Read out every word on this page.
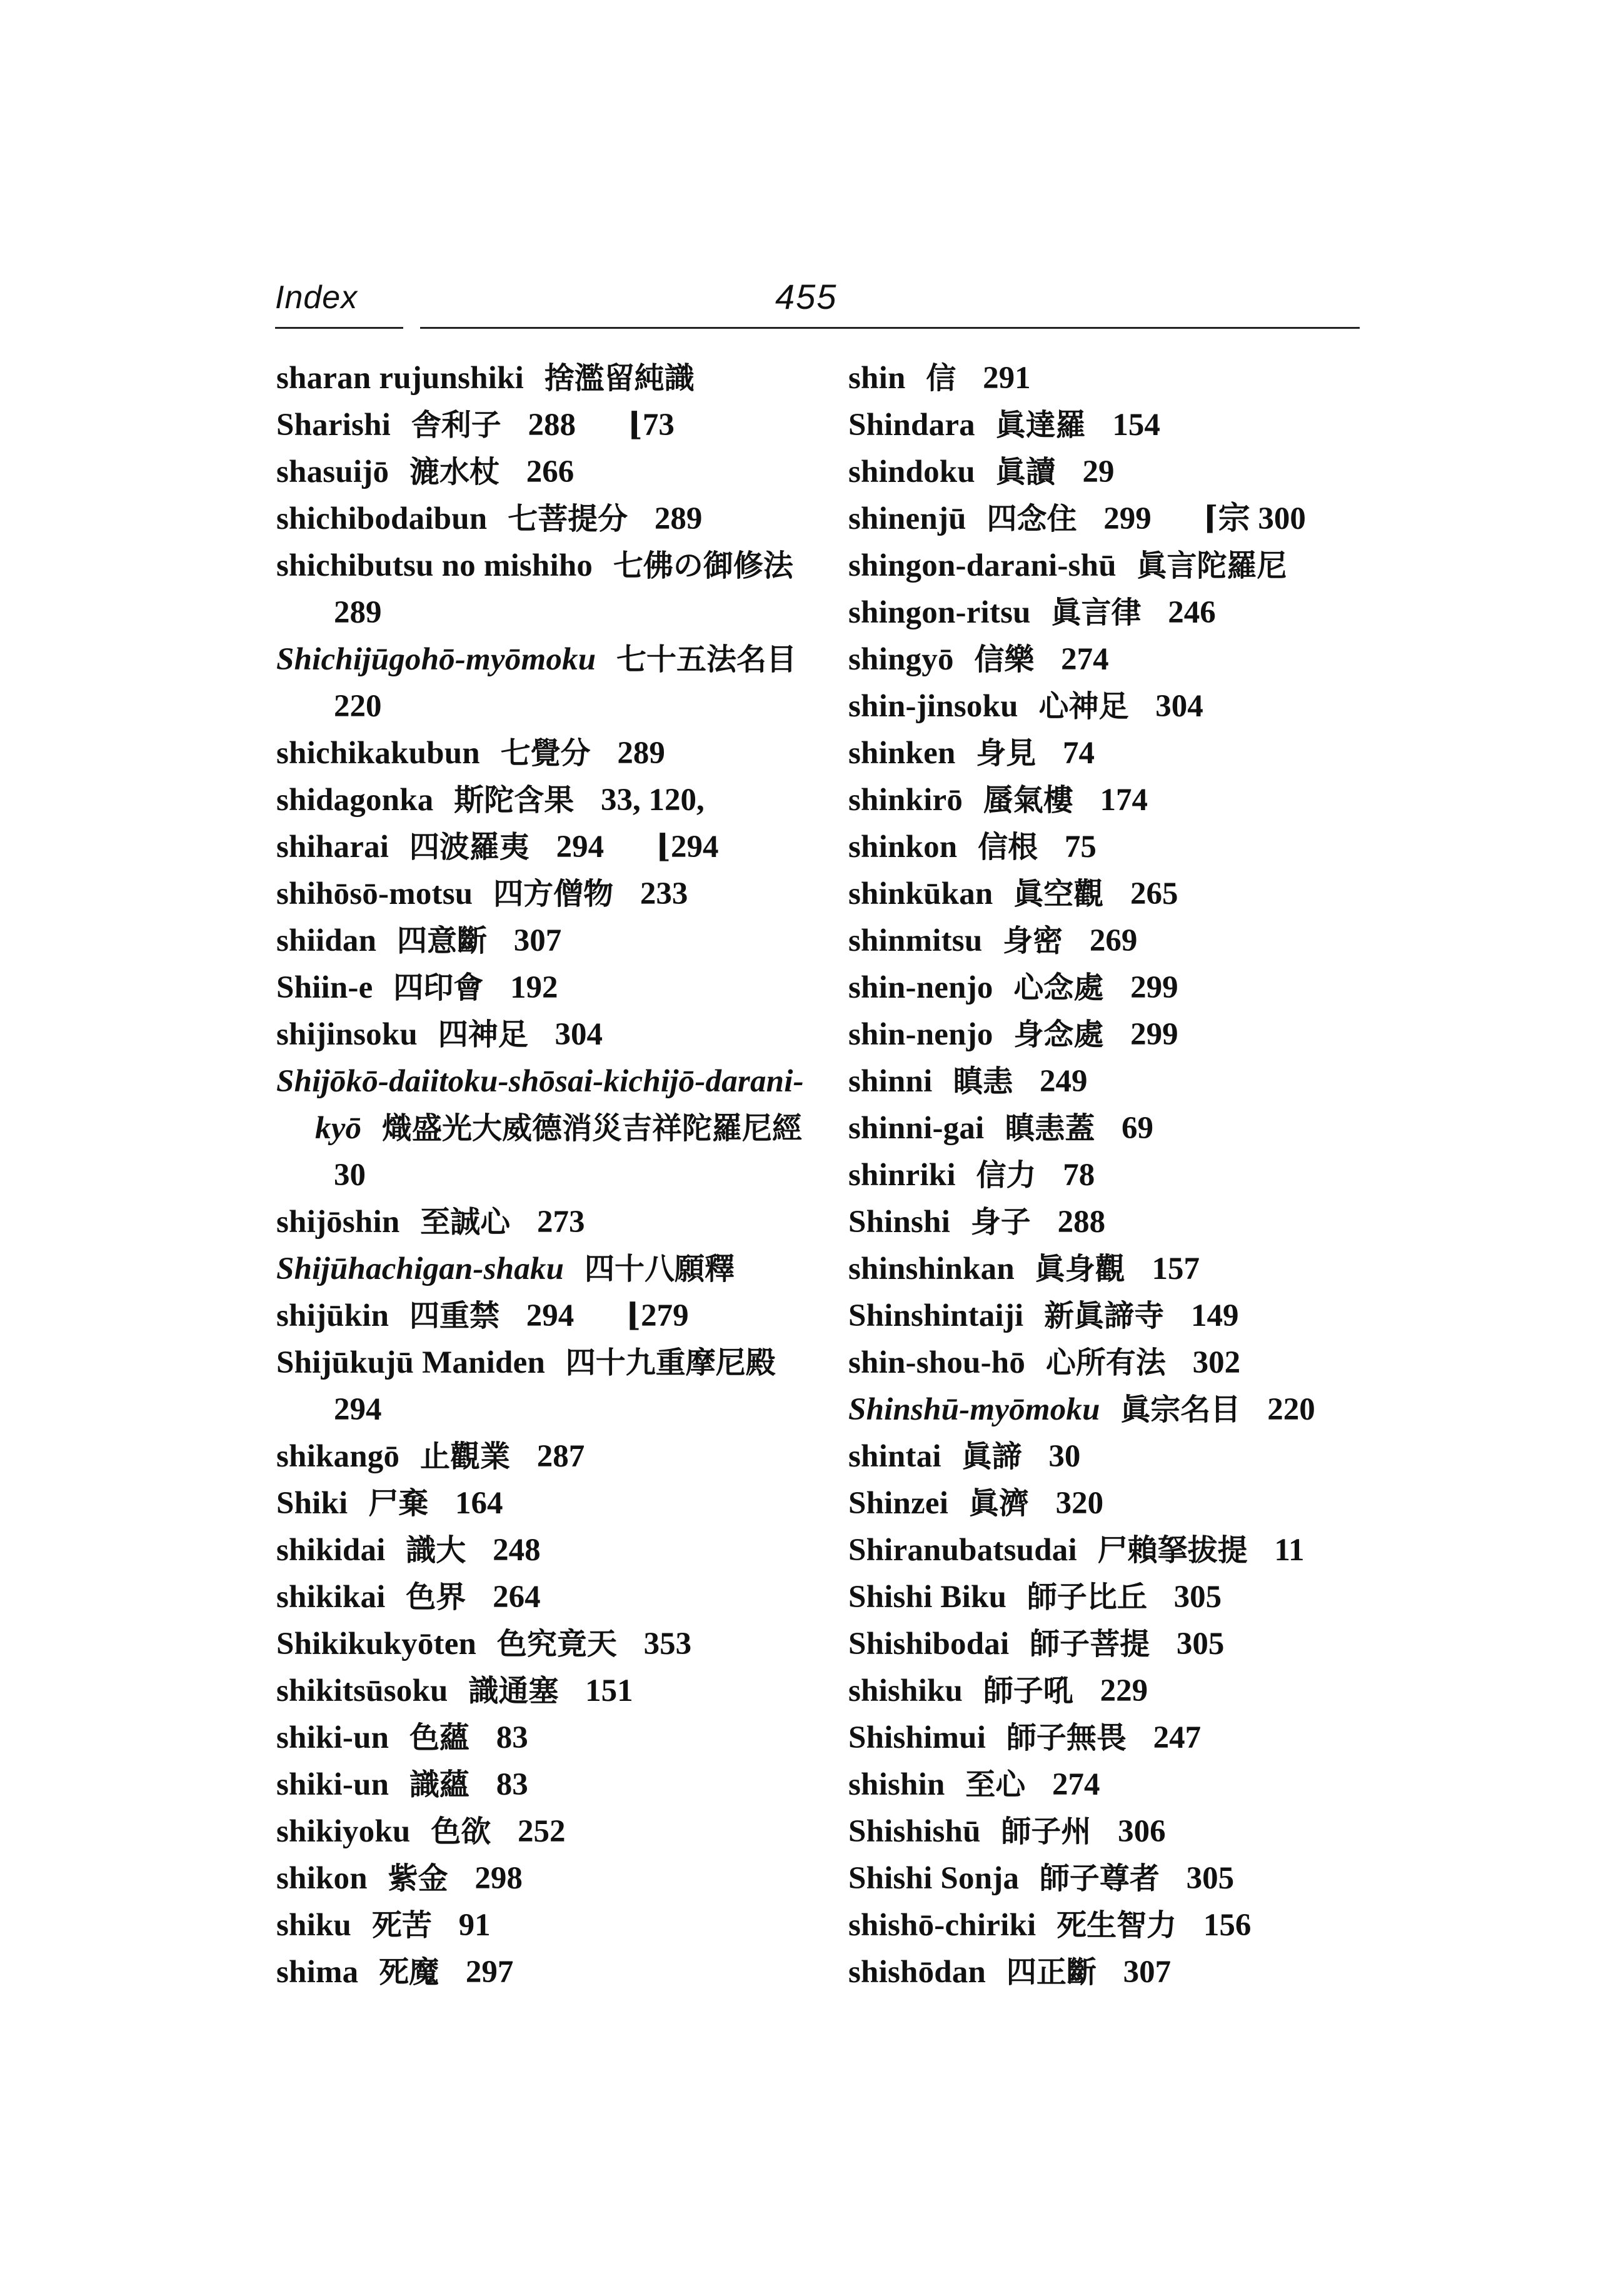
Index	455
sharan rujunshiki 捨濫留純識
Sharishi 舎利子 288 ⌊73
shasuijō 漉水杖 266
shichibodaibun 七菩提分 289
shichibutsu no mishiho 七佛の御修法 289
Shichijūgohō-myōmoku 七十五法名目 220
shichikakubun 七覺分 289
shidagonka 斯陀含果 33, 120,
shiharai 四波羅夷 294 ⌊294
shihōsō-motsu 四方僧物 233
shiidan 四意斷 307
Shiin-e 四印會 192
shijinsoku 四神足 304
Shijōkō-daiitoku-shōsai-kichijō-darani-kyō 熾盛光大威德消災吉祥陀羅尼經 30
shijōshin 至誠心 273
Shijūhachigan-shaku 四十八願釋
shijūkin 四重禁 294 ⌊279
Shijūkujū Maniden 四十九重摩尼殿 294
shikangō 止觀業 287
Shiki 尸棄 164
shikidai 識大 248
shikikai 色界 264
Shikikukyōten 色究竟天 353
shikitsūsoku 識通塞 151
shiki-un 色蘊 83
shiki-un 識蘊 83
shikiyoku 色欲 252
shikon 紫金 298
shiku 死苦 91
shima 死魔 297
shin 信 291
Shindara 眞達羅 154
shindoku 眞讀 29
shinenjū 四念住 299 ⌈宗 300
shingon-darani-shū 眞言陀羅尼
shingon-ritsu 眞言律 246
shingyō 信樂 274
shin-jinsoku 心神足 304
shinken 身見 74
shinkirō 蜃氣樓 174
shinkon 信根 75
shinkūkan 眞空觀 265
shinmitsu 身密 269
shin-nenjo 心念處 299
shin-nenjo 身念處 299
shinni 瞋恚 249
shinni-gai 瞋恚蓋 69
shinriki 信力 78
Shinshi 身子 288
shinshinkan 眞身觀 157
Shinshintaiji 新眞諦寺 149
shin-shou-hō 心所有法 302
Shinshū-myōmoku 眞宗名目 220
shintai 眞諦 30
Shinzei 眞濟 320
Shiranubatsudai 尸賴拏拔提 11
Shishi Biku 師子比丘 305
Shishibodai 師子菩提 305
shishiku 師子吼 229
Shishimui 師子無畏 247
shishin 至心 274
Shishishū 師子州 306
Shishi Sonja 師子尊者 305
shishō-chiriki 死生智力 156
shishōdan 四正斷 307
